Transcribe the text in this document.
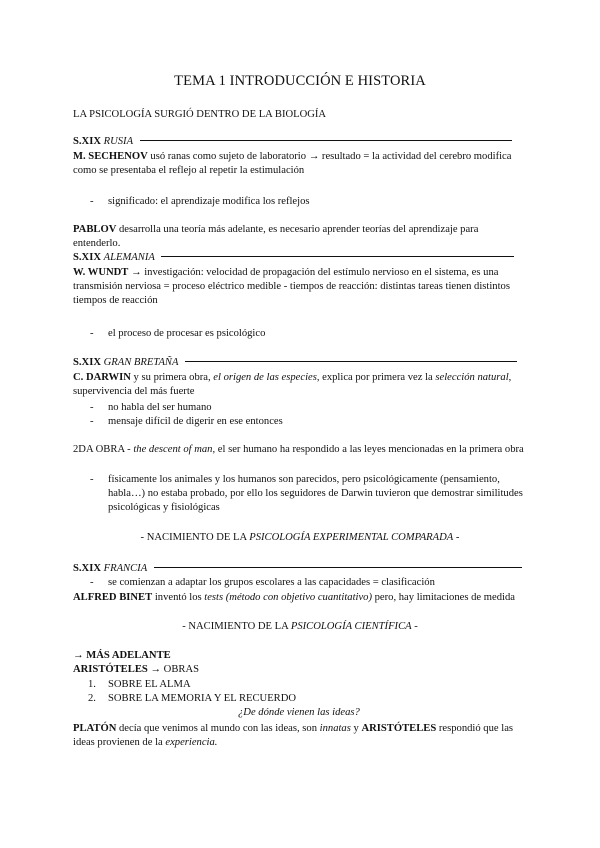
TEMA 1 INTRODUCCIÓN E HISTORIA
LA PSICOLOGÍA SURGIÓ DENTRO DE LA BIOLOGÍA
S.XIX RUSIA
M. SECHENOV usó ranas como sujeto de laboratorio → resultado = la actividad del cerebro modifica como se presentaba el reflejo al repetir la estimulación
- significado: el aprendizaje modifica los reflejos
PABLOV desarrolla una teoría más adelante, es necesario aprender teorías del aprendizaje para entenderlo.
S.XIX ALEMANIA
W. WUNDT → investigación: velocidad de propagación del estímulo nervioso en el sistema, es una transmisión nerviosa = proceso eléctrico medible - tiempos de reacción: distintas tareas tienen distintos tiempos de reacción
- el proceso de procesar es psicológico
S.XIX GRAN BRETAÑA
C. DARWIN y su primera obra, el origen de las especies, explica por primera vez la selección natural, supervivencia del más fuerte
- no habla del ser humano
- mensaje difícil de digerir en ese entonces
2DA OBRA - the descent of man, el ser humano ha respondido a las leyes mencionadas en la primera obra
- físicamente los animales y los humanos son parecidos, pero psicológicamente (pensamiento, habla…) no estaba probado, por ello los seguidores de Darwin tuvieron que demostrar similitudes psicológicas y fisiológicas
- NACIMIENTO DE LA PSICOLOGÍA EXPERIMENTAL COMPARADA -
S.XIX FRANCIA
- se comienzan a adaptar los grupos escolares a las capacidades = clasificación
ALFRED BINET inventó los tests (método con objetivo cuantitativo) pero, hay limitaciones de medida
- NACIMIENTO DE LA PSICOLOGÍA CIENTÍFICA -
→ MÁS ADELANTE
ARISTÓTELES → OBRAS
1. SOBRE EL ALMA
2. SOBRE LA MEMORIA Y EL RECUERDO
¿De dónde vienen las ideas?
PLATÓN decía que venimos al mundo con las ideas, son innatas y ARISTÓTELES respondió que las ideas provienen de la experiencia.
